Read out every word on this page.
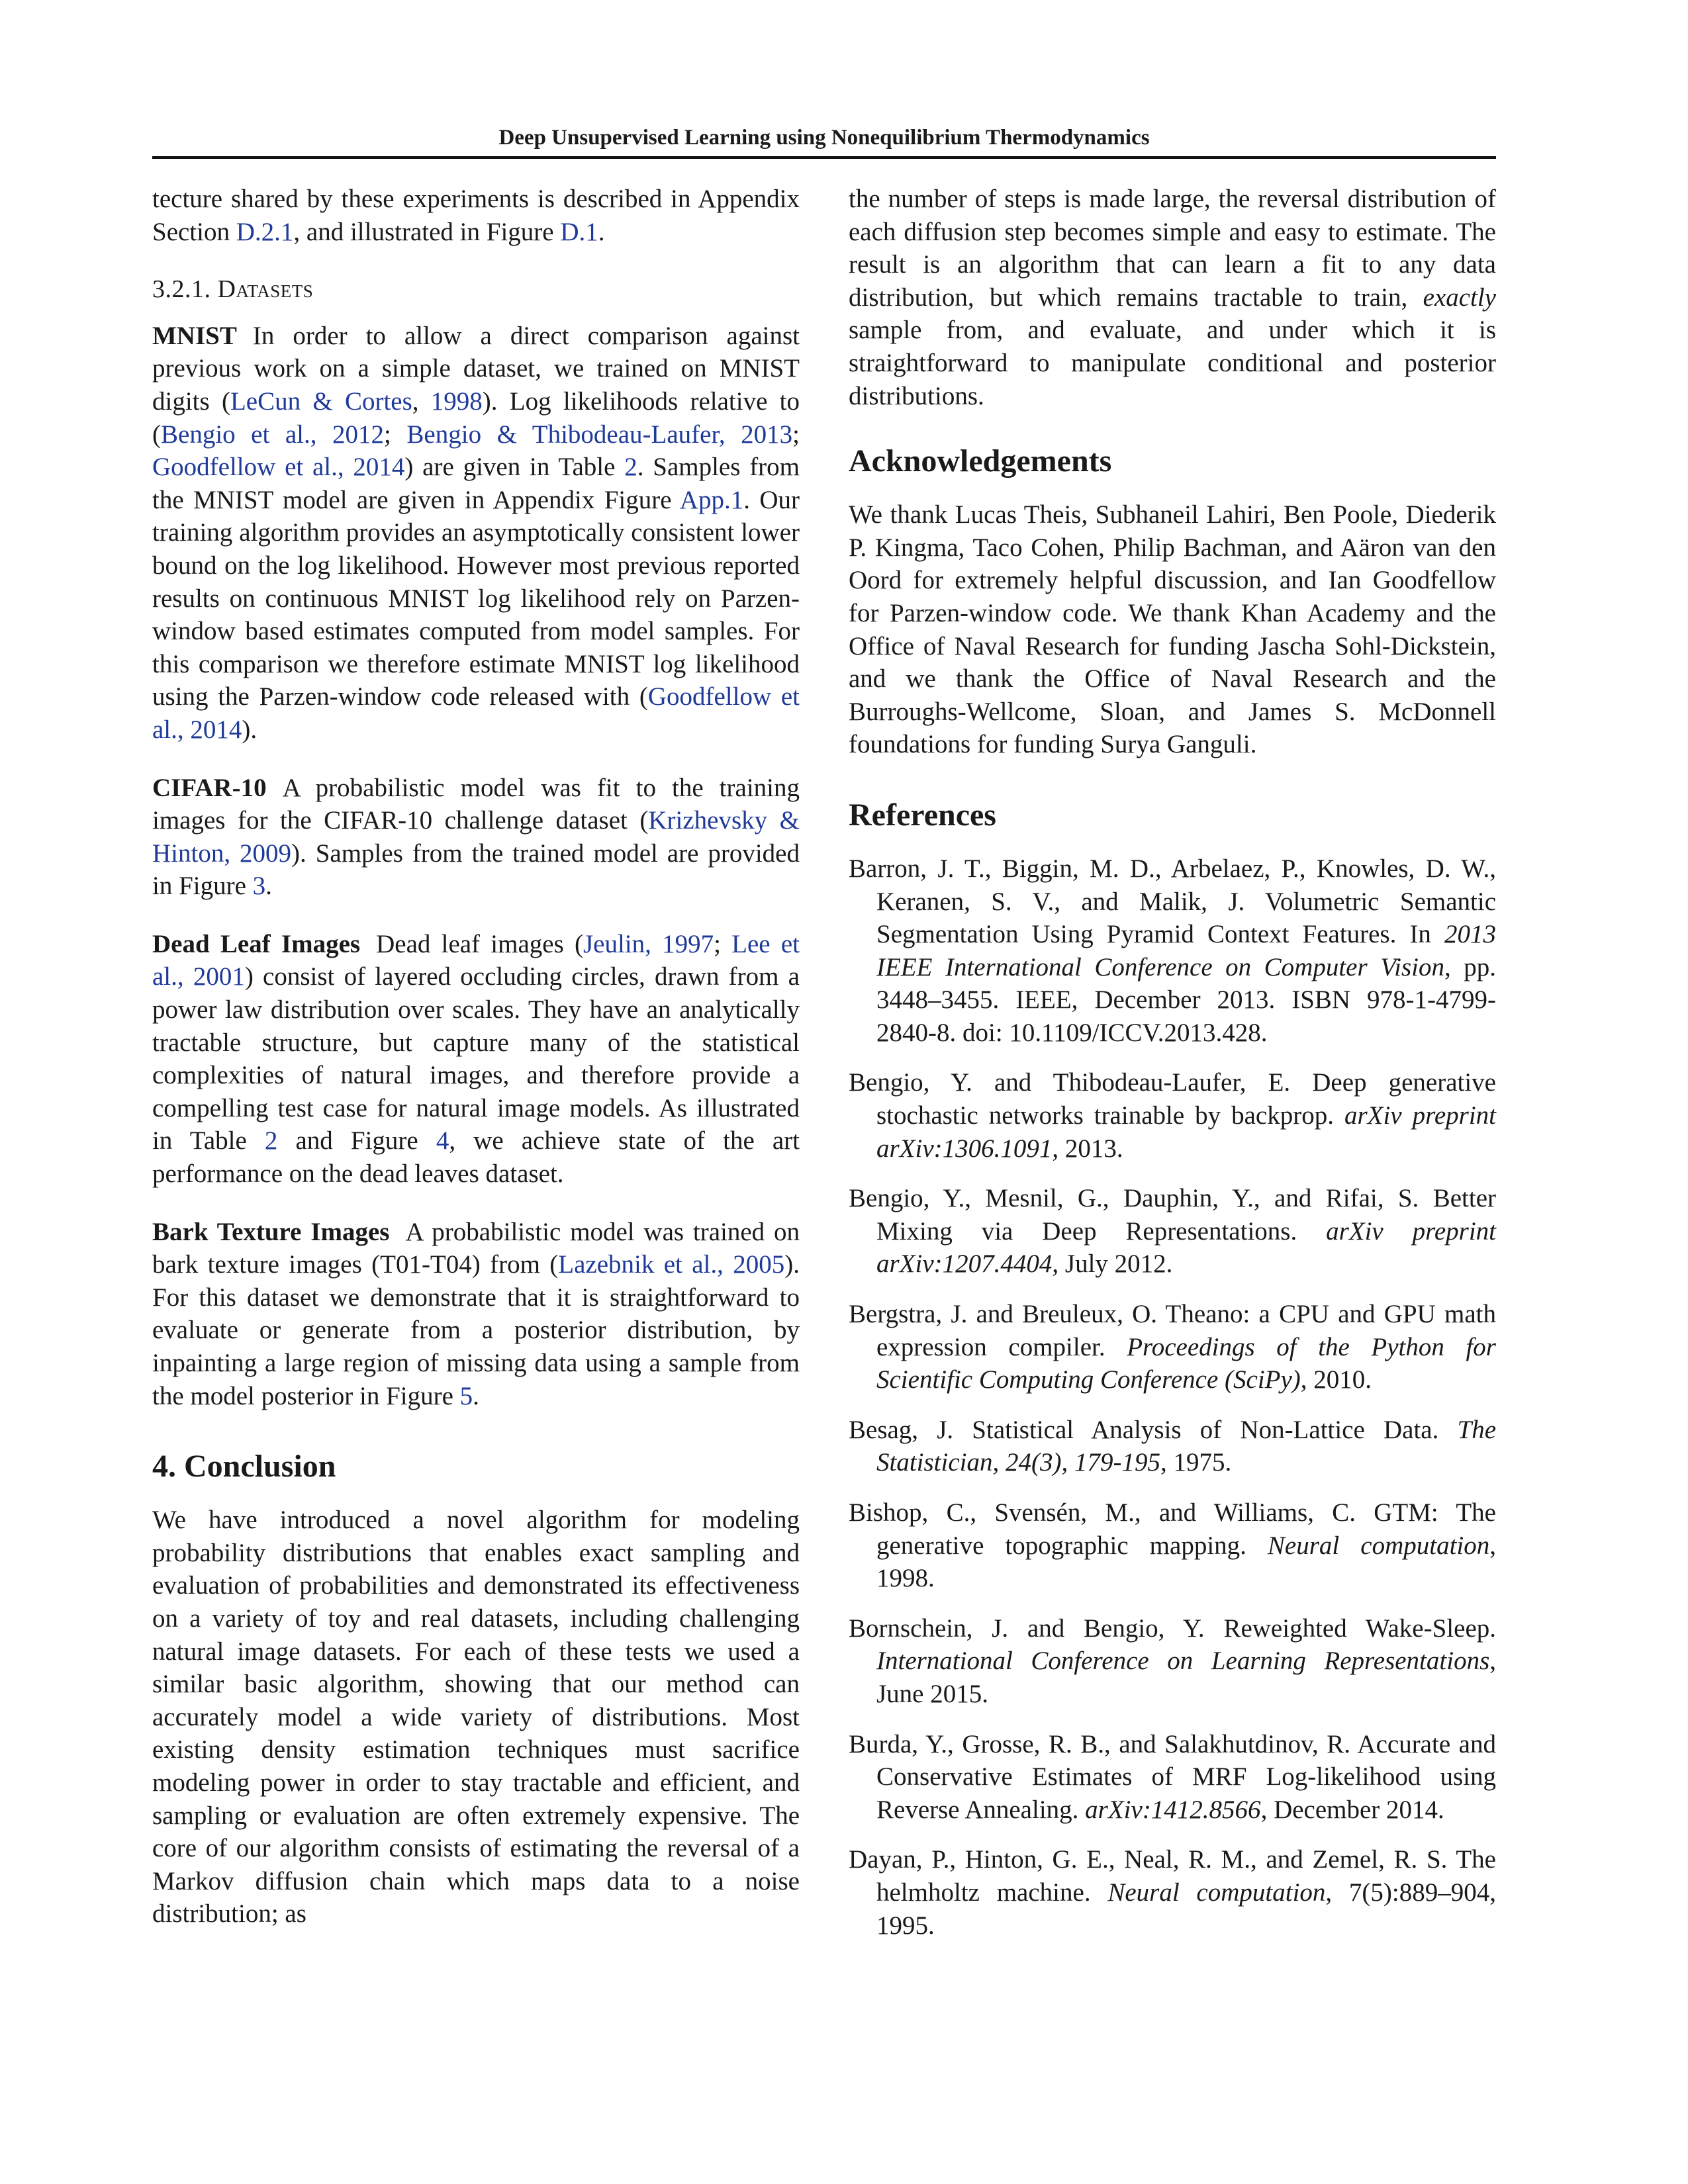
Deep Unsupervised Learning using Nonequilibrium Thermodynamics

tecture shared by these experiments is described in Appendix Section D.2.1, and illustrated in Figure D.1.

3.2.1. Datasets

MNIST In order to allow a direct comparison against previous work on a simple dataset, we trained on MNIST digits (LeCun & Cortes, 1998). Log likelihoods relative to (Bengio et al., 2012; Bengio & Thibodeau-Laufer, 2013; Goodfellow et al., 2014) are given in Table 2. Samples from the MNIST model are given in Appendix Figure App.1. Our training algorithm provides an asymptotically consistent lower bound on the log likelihood. However most previous reported results on continuous MNIST log likelihood rely on Parzen-window based estimates computed from model samples. For this comparison we therefore estimate MNIST log likelihood using the Parzen-window code released with (Goodfellow et al., 2014).

CIFAR-10 A probabilistic model was fit to the training images for the CIFAR-10 challenge dataset (Krizhevsky & Hinton, 2009). Samples from the trained model are provided in Figure 3.

Dead Leaf Images Dead leaf images (Jeulin, 1997; Lee et al., 2001) consist of layered occluding circles, drawn from a power law distribution over scales. They have an analytically tractable structure, but capture many of the statistical complexities of natural images, and therefore provide a compelling test case for natural image models. As illustrated in Table 2 and Figure 4, we achieve state of the art performance on the dead leaves dataset.

Bark Texture Images A probabilistic model was trained on bark texture images (T01-T04) from (Lazebnik et al., 2005). For this dataset we demonstrate that it is straightforward to evaluate or generate from a posterior distribution, by inpainting a large region of missing data using a sample from the model posterior in Figure 5.

4. Conclusion

We have introduced a novel algorithm for modeling probability distributions that enables exact sampling and evaluation of probabilities and demonstrated its effectiveness on a variety of toy and real datasets, including challenging natural image datasets. For each of these tests we used a similar basic algorithm, showing that our method can accurately model a wide variety of distributions. Most existing density estimation techniques must sacrifice modeling power in order to stay tractable and efficient, and sampling or evaluation are often extremely expensive. The core of our algorithm consists of estimating the reversal of a Markov diffusion chain which maps data to a noise distribution; as

the number of steps is made large, the reversal distribution of each diffusion step becomes simple and easy to estimate. The result is an algorithm that can learn a fit to any data distribution, but which remains tractable to train, exactly sample from, and evaluate, and under which it is straightforward to manipulate conditional and posterior distributions.

Acknowledgements

We thank Lucas Theis, Subhaneil Lahiri, Ben Poole, Diederik P. Kingma, Taco Cohen, Philip Bachman, and Aäron van den Oord for extremely helpful discussion, and Ian Goodfellow for Parzen-window code. We thank Khan Academy and the Office of Naval Research for funding Jascha Sohl-Dickstein, and we thank the Office of Naval Research and the Burroughs-Wellcome, Sloan, and James S. McDonnell foundations for funding Surya Ganguli.

References
Barron, J. T., Biggin, M. D., Arbelaez, P., Knowles, D. W., Keranen, S. V., and Malik, J. Volumetric Semantic Segmentation Using Pyramid Context Features. In 2013 IEEE International Conference on Computer Vision, pp. 3448–3455. IEEE, December 2013. ISBN 978-1-4799-2840-8. doi: 10.1109/ICCV.2013.428.
Bengio, Y. and Thibodeau-Laufer, E. Deep generative stochastic networks trainable by backprop. arXiv preprint arXiv:1306.1091, 2013.
Bengio, Y., Mesnil, G., Dauphin, Y., and Rifai, S. Better Mixing via Deep Representations. arXiv preprint arXiv:1207.4404, July 2012.
Bergstra, J. and Breuleux, O. Theano: a CPU and GPU math expression compiler. Proceedings of the Python for Scientific Computing Conference (SciPy), 2010.
Besag, J. Statistical Analysis of Non-Lattice Data. The Statistician, 24(3), 179-195, 1975.
Bishop, C., Svensén, M., and Williams, C. GTM: The generative topographic mapping. Neural computation, 1998.
Bornschein, J. and Bengio, Y. Reweighted Wake-Sleep. International Conference on Learning Representations, June 2015.
Burda, Y., Grosse, R. B., and Salakhutdinov, R. Accurate and Conservative Estimates of MRF Log-likelihood using Reverse Annealing. arXiv:1412.8566, December 2014.
Dayan, P., Hinton, G. E., Neal, R. M., and Zemel, R. S. The helmholtz machine. Neural computation, 7(5):889–904, 1995.
